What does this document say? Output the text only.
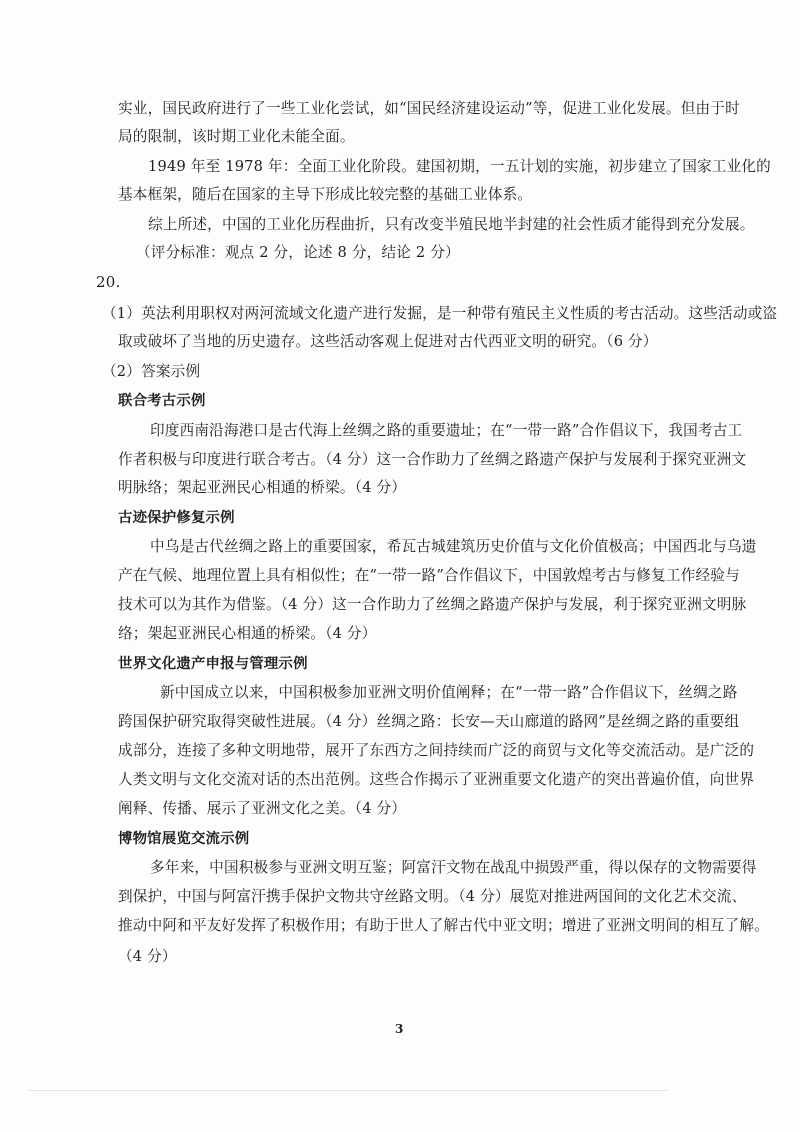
实业，国民政府进行了一些工业化尝试，如“国民经济建设运动”等，促进工业化发展。但由于时
局的限制，该时期工业化未能全面。
1949 年至 1978 年：全面工业化阶段。建国初期，一五计划的实施，初步建立了国家工业化的
基本框架，随后在国家的主导下形成比较完整的基础工业体系。
综上所述，中国的工业化历程曲折，只有改变半殖民地半封建的社会性质才能得到充分发展。
（评分标准：观点 2 分，论述 8 分，结论 2 分）
20.
（1）英法利用职权对两河流域文化遗产进行发掘，是一种带有殖民主义性质的考古活动。这些活动或盗
取或破坏了当地的历史遗存。这些活动客观上促进对古代西亚文明的研究。（6 分）
（2）答案示例
联合考古示例
印度西南沿海港口是古代海上丝绸之路的重要遗址；在“一带一路”合作倡议下，我国考古工
作者积极与印度进行联合考古。（4 分）这一合作助力了丝绸之路遗产保护与发展利于探究亚洲文
明脉络；架起亚洲民心相通的桥梁。（4 分）
古迹保护修复示例
中乌是古代丝绸之路上的重要国家，希瓦古城建筑历史价值与文化价值极高；中国西北与乌遗
产在气候、地理位置上具有相似性；在“一带一路”合作倡议下，中国敦煌考古与修复工作经验与
技术可以为其作为借鉴。（4 分）这一合作助力了丝绸之路遗产保护与发展，利于探究亚洲文明脉
络；架起亚洲民心相通的桥梁。（4 分）
世界文化遗产申报与管理示例
新中国成立以来，中国积极参加亚洲文明价值阐释；在“一带一路”合作倡议下，丝绸之路
跨国保护研究取得突破性进展。（4 分）丝绸之路：长安—天山廊道的路网”是丝绸之路的重要组
成部分，连接了多种文明地带，展开了东西方之间持续而广泛的商贸与文化等交流活动。是广泛的
人类文明与文化交流对话的杰出范例。这些合作揭示了亚洲重要文化遗产的突出普遍价值，向世界
阐释、传播、展示了亚洲文化之美。（4 分）
博物馆展览交流示例
多年来，中国积极参与亚洲文明互鉴；阿富汗文物在战乱中损毁严重，得以保存的文物需要得
到保护，中国与阿富汗携手保护文物共守丝路文明。（4 分）展览对推进两国间的文化艺术交流、
推动中阿和平友好发挥了积极作用；有助于世人了解古代中亚文明；增进了亚洲文明间的相互了解。
（4 分）
3
